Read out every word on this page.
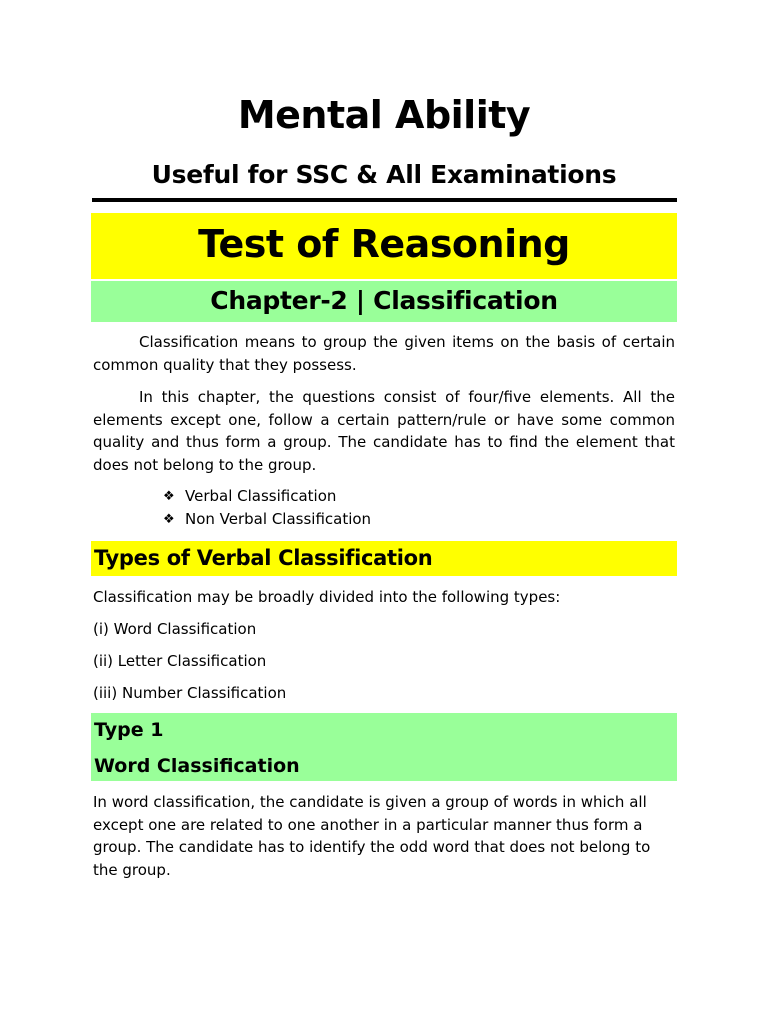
Mental Ability
Useful for SSC & All Examinations
Test of Reasoning
Chapter-2 | Classification
Classification means to group the given items on the basis of certain common quality that they possess.
In this chapter, the questions consist of four/five elements. All the elements except one, follow a certain pattern/rule or have some common quality and thus form a group. The candidate has to find the element that does not belong to the group.
❖ Verbal Classification
❖ Non Verbal Classification
Types of Verbal Classification
Classification may be broadly divided into the following types:
(i) Word Classification
(ii) Letter Classification
(iii) Number Classification
Type 1
Word Classification
In word classification, the candidate is given a group of words in which all except one are related to one another in a particular manner thus form a group. The candidate has to identify the odd word that does not belong to the group.
